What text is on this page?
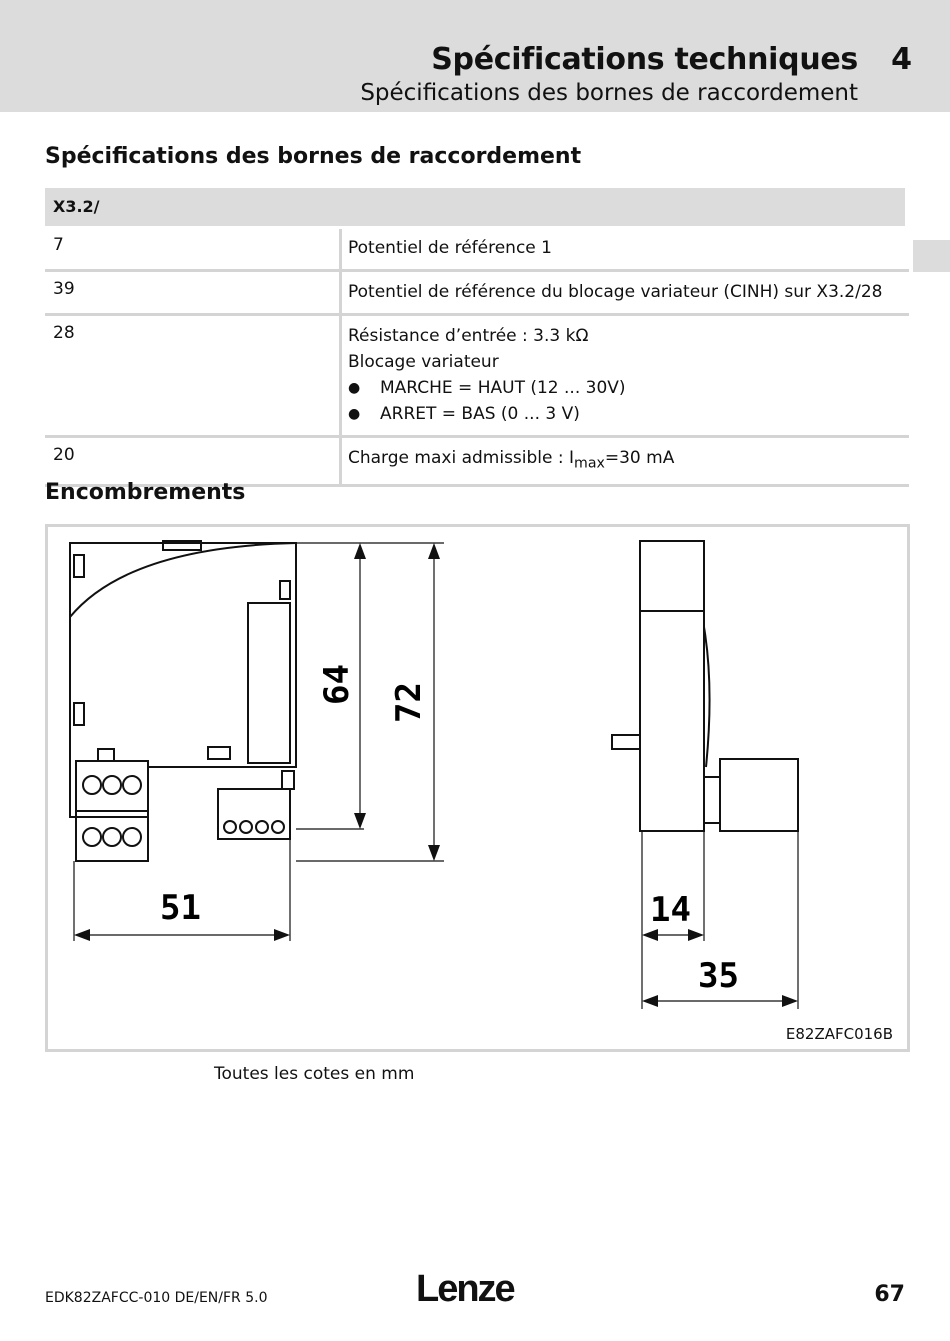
Spécifications techniques 4
Spécifications des bornes de raccordement
Spécifications des bornes de raccordement
X3.2/
7	Potentiel de référence 1
39	Potentiel de référence du blocage variateur (CINH) sur X3.2/28
28	Résistance d’entrée : 3.3 kΩ
Blocage variateur
●	MARCHE = HAUT (12 ... 30V)
●	ARRET = BAS (0 ... 3 V)
20	Charge maxi admissible : $I_{max}=30$ mA
Encombrements
64 72
51	14
35
E82ZAFC016B
Toutes les cotes en mm
EDK82ZAFCC-010 DE/EN/FR 5.0	Lenze	67
